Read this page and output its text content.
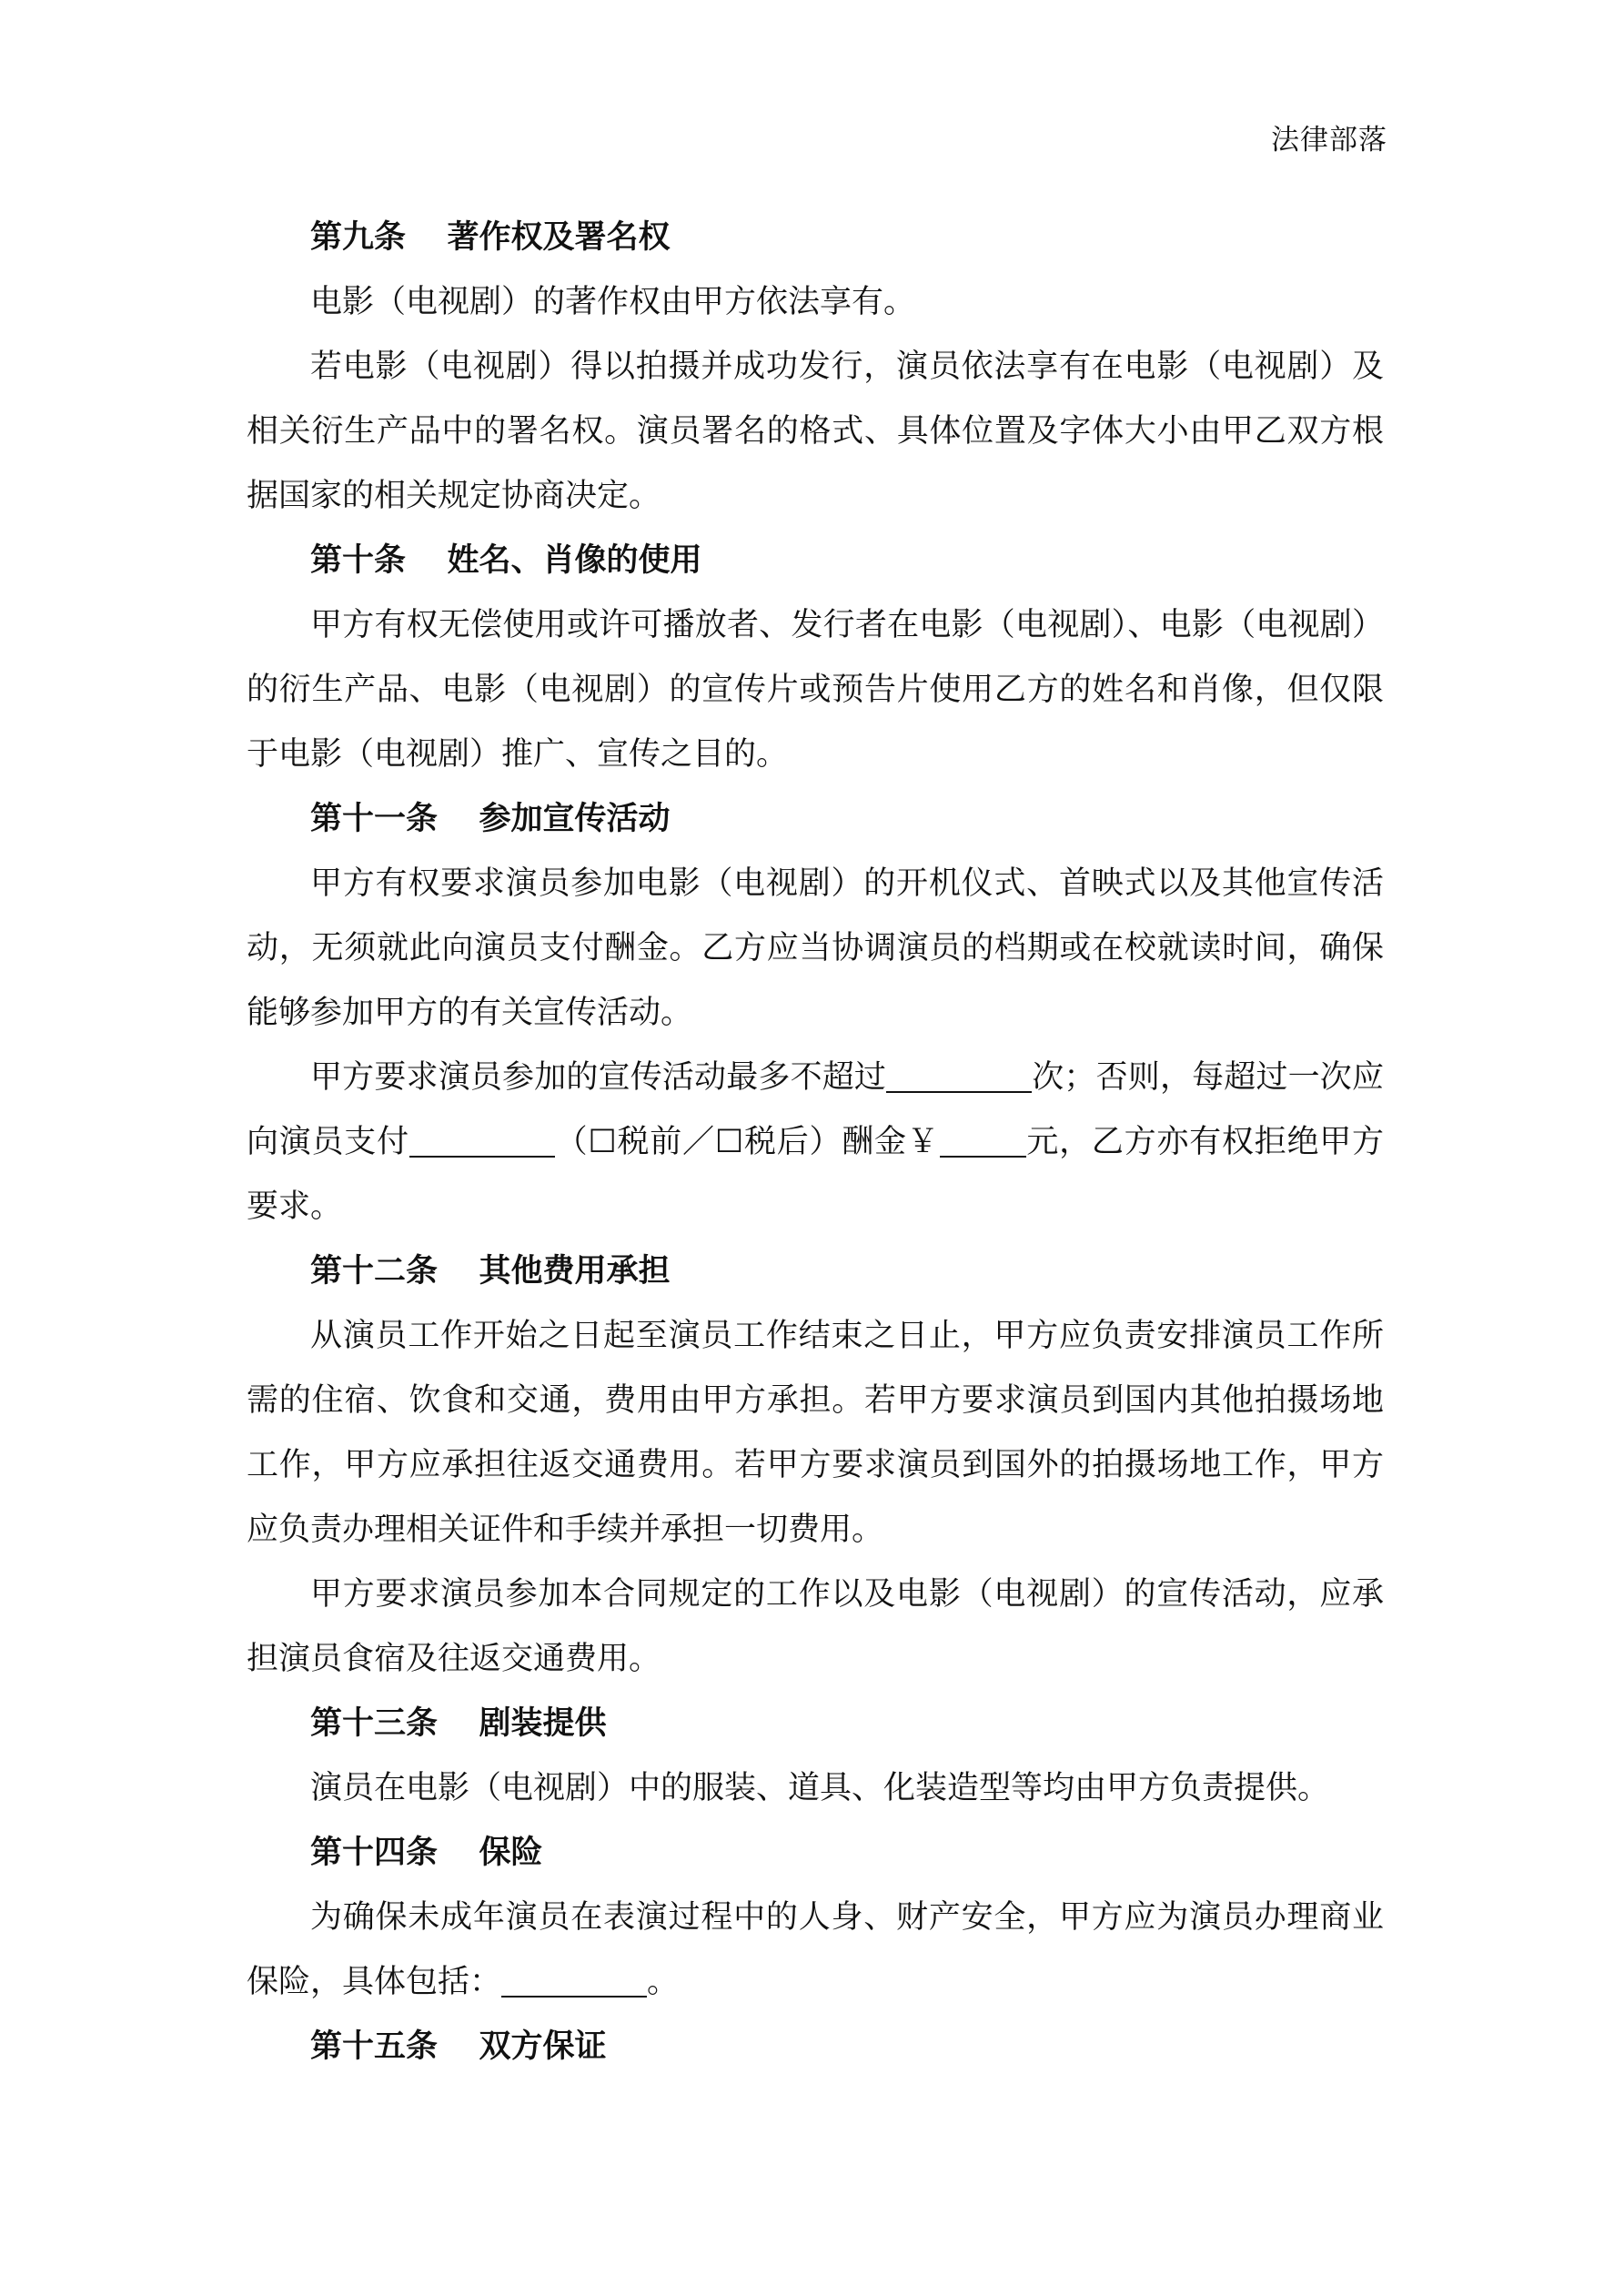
法律部落

第九条 著作权及署名权

电影（电视剧）的著作权由甲方依法享有。

若电影（电视剧）得以拍摄并成功发行，演员依法享有在电影（电视剧）及相关衍生产品中的署名权。演员署名的格式、具体位置及字体大小由甲乙双方根据国家的相关规定协商决定。

第十条 姓名、肖像的使用

甲方有权无偿使用或许可播放者、发行者在电影（电视剧）、电影（电视剧）的衍生产品、电影（电视剧）的宣传片或预告片使用乙方的姓名和肖像，但仅限于电影（电视剧）推广、宣传之目的。

第十一条 参加宣传活动

甲方有权要求演员参加电影（电视剧）的开机仪式、首映式以及其他宣传活动，无须就此向演员支付酬金。乙方应当协调演员的档期或在校就读时间，确保能够参加甲方的有关宣传活动。

甲方要求演员参加的宣传活动最多不超过	次；否则，每超过一次应向演员支付	（☐税前／☐税后）酬金￥	元，乙方亦有权拒绝甲方要求。

第十二条 其他费用承担

从演员工作开始之日起至演员工作结束之日止，甲方应负责安排演员工作所需的住宿、饮食和交通，费用由甲方承担。若甲方要求演员到国内其他拍摄场地工作，甲方应承担往返交通费用。若甲方要求演员到国外的拍摄场地工作，甲方应负责办理相关证件和手续并承担一切费用。

甲方要求演员参加本合同规定的工作以及电影（电视剧）的宣传活动，应承担演员食宿及往返交通费用。

第十三条 剧装提供

演员在电影（电视剧）中的服装、道具、化装造型等均由甲方负责提供。

第十四条 保险

为确保未成年演员在表演过程中的人身、财产安全，甲方应为演员办理商业保险，具体包括：	。

第十五条 双方保证
